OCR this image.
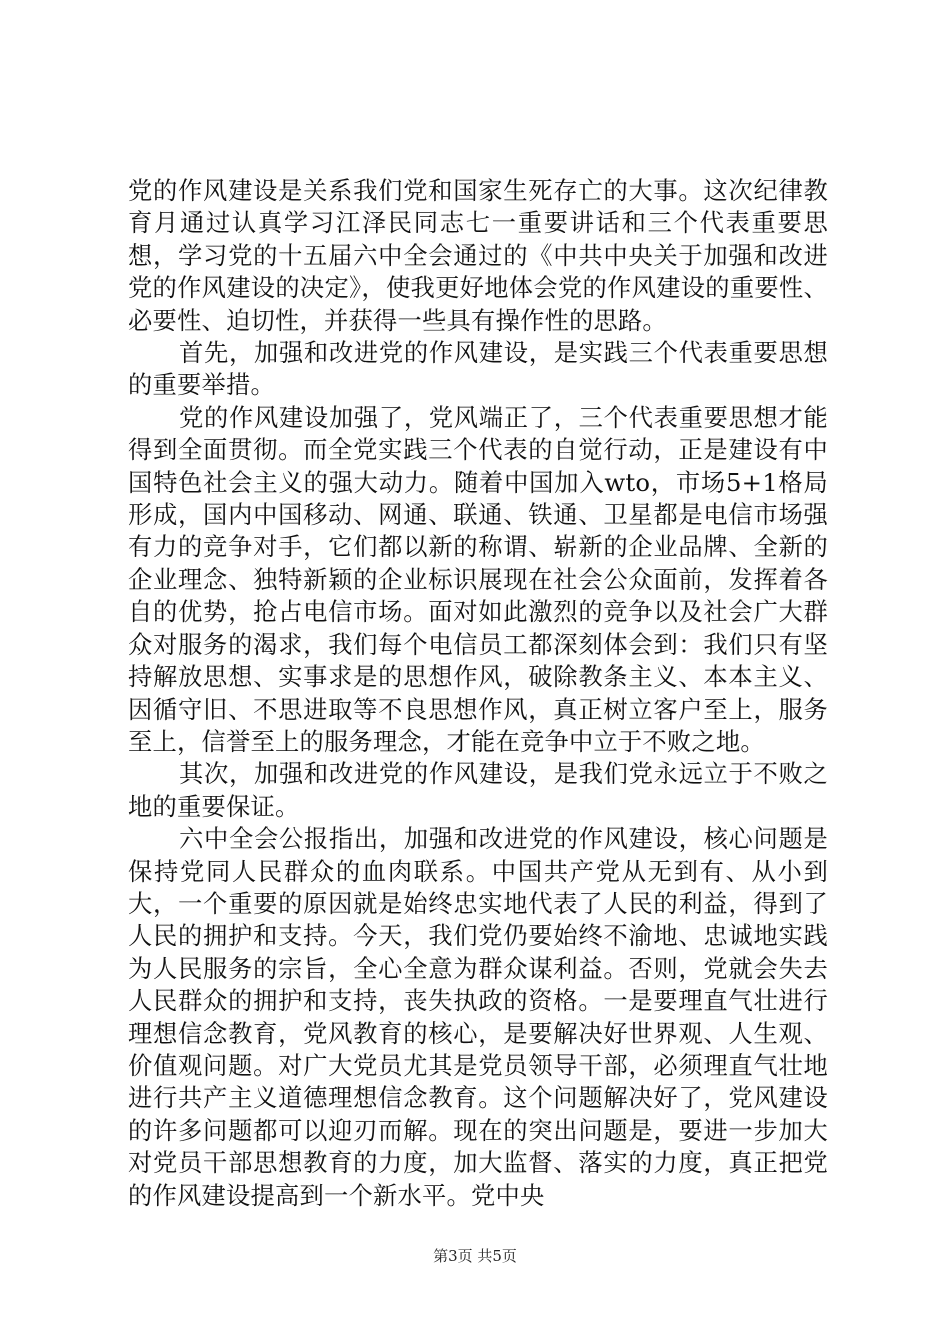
党的作风建设是关系我们党和国家生死存亡的大事。这次纪律教育月通过认真学习江泽民同志七一重要讲话和三个代表重要思想，学习党的十五届六中全会通过的《中共中央关于加强和改进党的作风建设的决定》，使我更好地体会党的作风建设的重要性、必要性、迫切性，并获得一些具有操作性的思路。

首先，加强和改进党的作风建设，是实践三个代表重要思想的重要举措。

党的作风建设加强了，党风端正了，三个代表重要思想才能得到全面贯彻。而全党实践三个代表的自觉行动，正是建设有中国特色社会主义的强大动力。随着中国加入wto，市场5+1格局形成，国内中国移动、网通、联通、铁通、卫星都是电信市场强有力的竞争对手，它们都以新的称谓、崭新的企业品牌、全新的企业理念、独特新颖的企业标识展现在社会公众面前，发挥着各自的优势，抢占电信市场。面对如此激烈的竞争以及社会广大群众对服务的渴求，我们每个电信员工都深刻体会到：我们只有坚持解放思想、实事求是的思想作风，破除教条主义、本本主义、因循守旧、不思进取等不良思想作风，真正树立客户至上，服务至上，信誉至上的服务理念，才能在竞争中立于不败之地。

其次，加强和改进党的作风建设，是我们党永远立于不败之地的重要保证。

六中全会公报指出，加强和改进党的作风建设，核心问题是保持党同人民群众的血肉联系。中国共产党从无到有、从小到大，一个重要的原因就是始终忠实地代表了人民的利益，得到了人民的拥护和支持。今天，我们党仍要始终不渝地、忠诚地实践为人民服务的宗旨，全心全意为群众谋利益。否则，党就会失去人民群众的拥护和支持，丧失执政的资格。一是要理直气壮进行理想信念教育，党风教育的核心，是要解决好世界观、人生观、价值观问题。对广大党员尤其是党员领导干部，必须理直气壮地进行共产主义道德理想信念教育。这个问题解决好了，党风建设的许多问题都可以迎刃而解。现在的突出问题是，要进一步加大对党员干部思想教育的力度，加大监督、落实的力度，真正把党的作风建设提高到一个新水平。党中央

第3页 共5页
